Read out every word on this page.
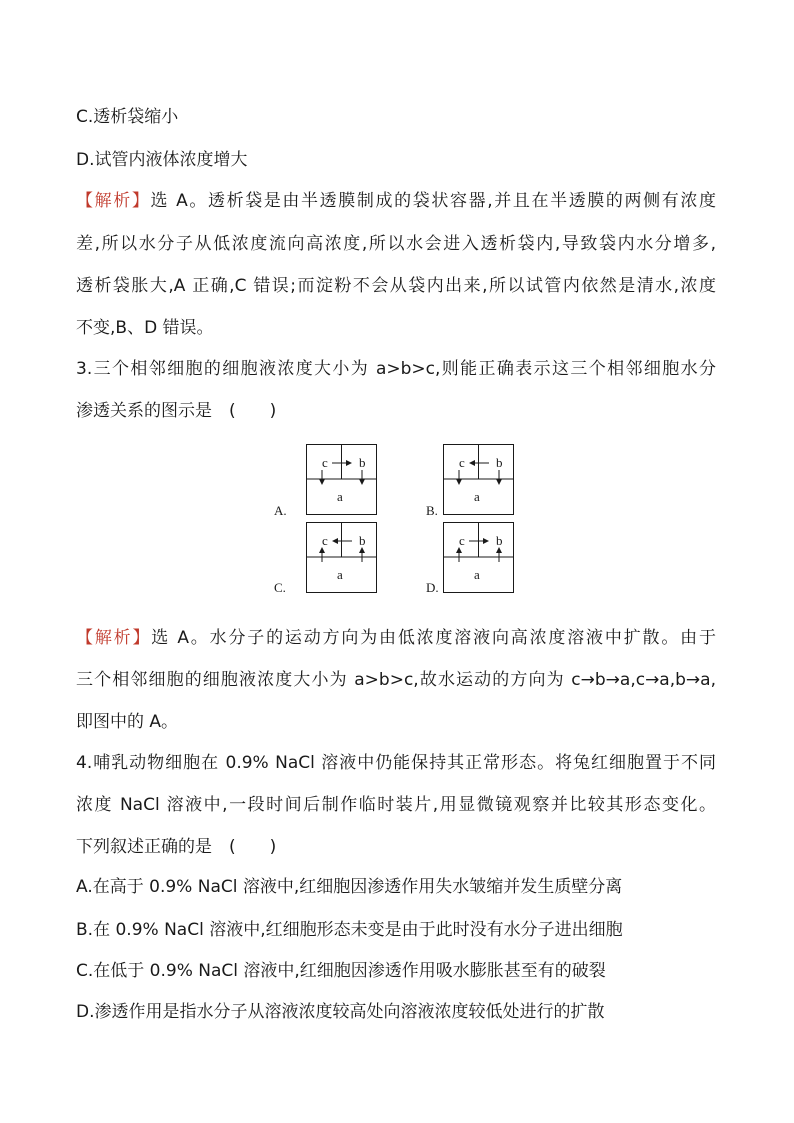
C.透析袋缩小
D.试管内液体浓度增大
【解析】选 A。透析袋是由半透膜制成的袋状容器,并且在半透膜的两侧有浓度
差,所以水分子从低浓度流向高浓度,所以水会进入透析袋内,导致袋内水分增多,
透析袋胀大,A 正确,C 错误;而淀粉不会从袋内出来,所以试管内依然是清水,浓度
不变,B、D 错误。
3.三个相邻细胞的细胞液浓度大小为 a>b>c,则能正确表示这三个相邻细胞水分
渗透关系的图示是　(　　)
A.
c b
a
B.
c b
a
C.
c b
a
D.
c b
a
【解析】选 A。水分子的运动方向为由低浓度溶液向高浓度溶液中扩散。由于
三个相邻细胞的细胞液浓度大小为 a>b>c,故水运动的方向为 c→b→a,c→a,b→a,
即图中的 A。
4.哺乳动物细胞在 0.9% NaCl 溶液中仍能保持其正常形态。将兔红细胞置于不同
浓度 NaCl 溶液中,一段时间后制作临时装片,用显微镜观察并比较其形态变化。
下列叙述正确的是　(　　)
A.在高于 0.9% NaCl 溶液中,红细胞因渗透作用失水皱缩并发生质壁分离
B.在 0.9% NaCl 溶液中,红细胞形态未变是由于此时没有水分子进出细胞
C.在低于 0.9% NaCl 溶液中,红细胞因渗透作用吸水膨胀甚至有的破裂
D.渗透作用是指水分子从溶液浓度较高处向溶液浓度较低处进行的扩散
